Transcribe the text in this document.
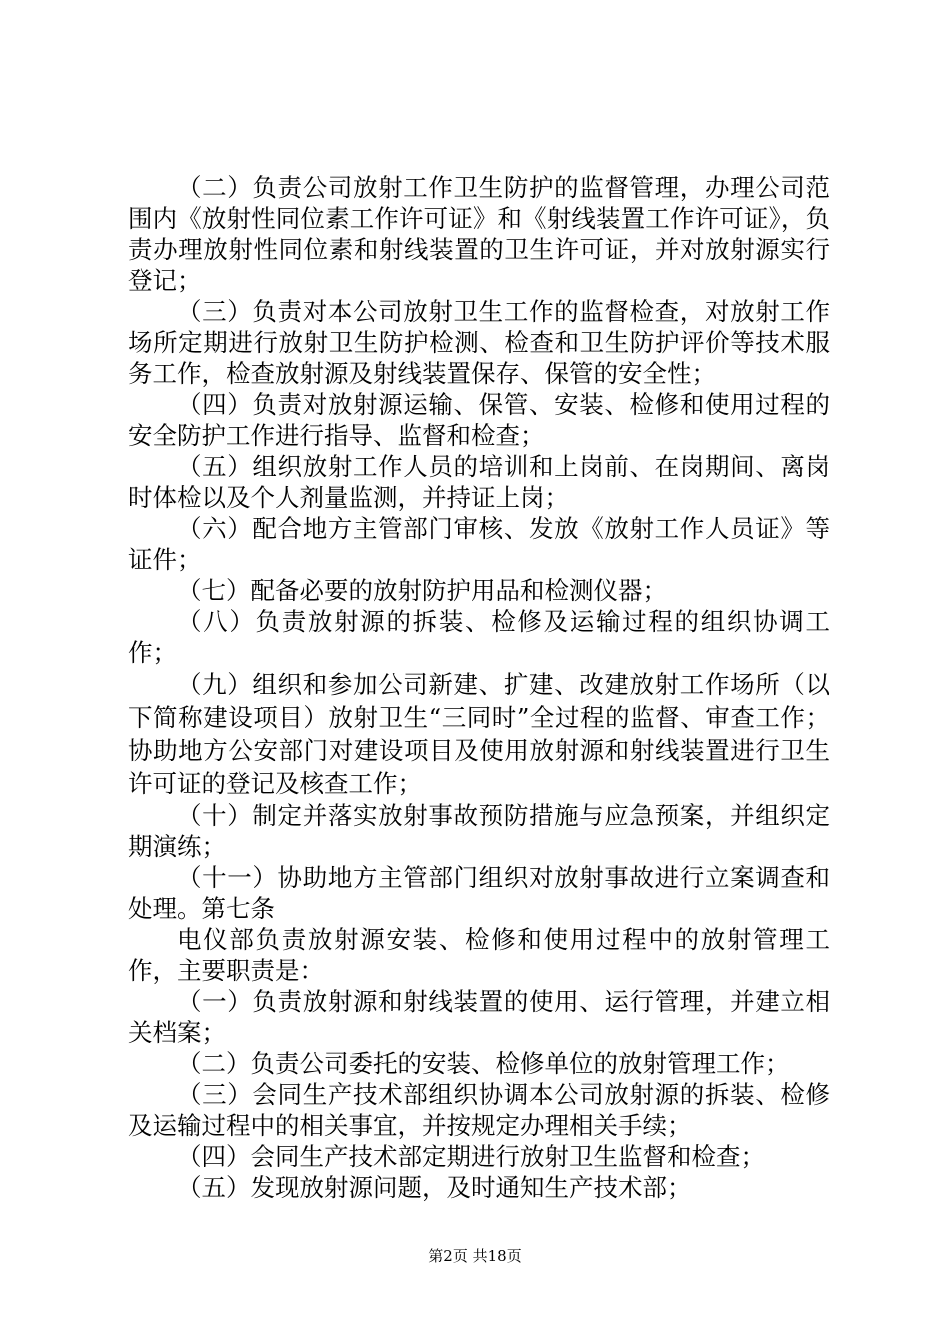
（二）负责公司放射工作卫生防护的监督管理，办理公司范围内《放射性同位素工作许可证》和《射线装置工作许可证》，负责办理放射性同位素和射线装置的卫生许可证，并对放射源实行登记；

（三）负责对本公司放射卫生工作的监督检查，对放射工作场所定期进行放射卫生防护检测、检查和卫生防护评价等技术服务工作，检查放射源及射线装置保存、保管的安全性；

（四）负责对放射源运输、保管、安装、检修和使用过程的安全防护工作进行指导、监督和检查；

（五）组织放射工作人员的培训和上岗前、在岗期间、离岗时体检以及个人剂量监测，并持证上岗；

（六）配合地方主管部门审核、发放《放射工作人员证》等证件；

（七）配备必要的放射防护用品和检测仪器；

（八）负责放射源的拆装、检修及运输过程的组织协调工作；

（九）组织和参加公司新建、扩建、改建放射工作场所（以下简称建设项目）放射卫生“三同时”全过程的监督、审查工作；协助地方公安部门对建设项目及使用放射源和射线装置进行卫生许可证的登记及核查工作；

（十）制定并落实放射事故预防措施与应急预案，并组织定期演练；

（十一）协助地方主管部门组织对放射事故进行立案调查和处理。第七条

电仪部负责放射源安装、检修和使用过程中的放射管理工作，主要职责是：

（一）负责放射源和射线装置的使用、运行管理，并建立相关档案；

（二）负责公司委托的安装、检修单位的放射管理工作；

（三）会同生产技术部组织协调本公司放射源的拆装、检修及运输过程中的相关事宜，并按规定办理相关手续；

（四）会同生产技术部定期进行放射卫生监督和检查；

（五）发现放射源问题，及时通知生产技术部；

第2页 共18页
